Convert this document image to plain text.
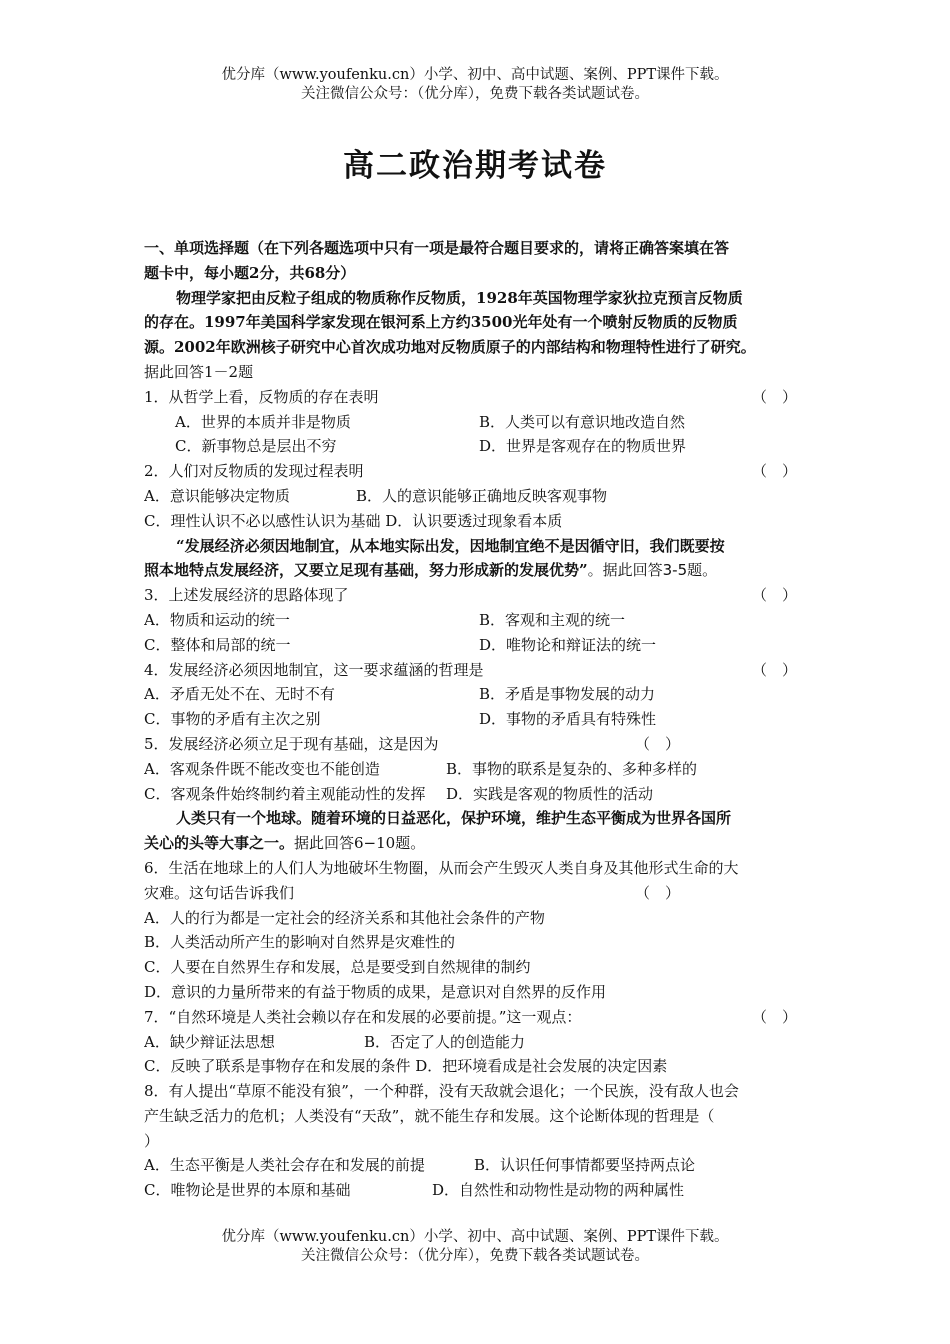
优分库（www.youfenku.cn）小学、初中、高中试题、案例、PPT课件下载。
关注微信公众号：（优分库），免费下载各类试题试卷。
高二政治期考试卷
一、单项选择题（在下列各题选项中只有一项是最符合题目要求的，请将正确答案填在答
题卡中，每小题2分，共68分）
物理学家把由反粒子组成的物质称作反物质，1928年英国物理学家狄拉克预言反物质
的存在。1997年美国科学家发现在银河系上方约3500光年处有一个喷射反物质的反物质
源。2002年欧洲核子研究中心首次成功地对反物质原子的内部结构和物理特性进行了研究。
据此回答1－2题
1．从哲学上看，反物质的存在表明	（　）
A．世界的本质并非是物质	B．人类可以有意识地改造自然
C．新事物总是层出不穷	D．世界是客观存在的物质世界
2．人们对反物质的发现过程表明	（　）
A．意识能够决定物质	B．人的意识能够正确地反映客观事物
C．理性认识不必以感性认识为基础 D．认识要透过现象看本质
“发展经济必须因地制宜，从本地实际出发，因地制宜绝不是因循守旧，我们既要按
照本地特点发展经济，又要立足现有基础，努力形成新的发展优势”。据此回答3-5题。
3．上述发展经济的思路体现了	（　）
A．物质和运动的统一	B．客观和主观的统一
C．整体和局部的统一	D．唯物论和辩证法的统一
4．发展经济必须因地制宜，这一要求蕴涵的哲理是	（　）
A．矛盾无处不在、无时不有	B．矛盾是事物发展的动力
C．事物的矛盾有主次之别	D．事物的矛盾具有特殊性
5．发展经济必须立足于现有基础，这是因为	（　）
A．客观条件既不能改变也不能创造	B．事物的联系是复杂的、多种多样的
C．客观条件始终制约着主观能动性的发挥	D．实践是客观的物质性的活动
人类只有一个地球。随着环境的日益恶化，保护环境，维护生态平衡成为世界各国所
关心的头等大事之一。据此回答6−10题。
6．生活在地球上的人们人为地破坏生物圈，从而会产生毁灭人类自身及其他形式生命的大
灾难。这句话告诉我们	（　）
A．人的行为都是一定社会的经济关系和其他社会条件的产物
B．人类活动所产生的影响对自然界是灾难性的
C．人要在自然界生存和发展，总是要受到自然规律的制约
D．意识的力量所带来的有益于物质的成果，是意识对自然界的反作用
7．“自然环境是人类社会赖以存在和发展的必要前提。”这一观点：	（　）
A．缺少辩证法思想	B．否定了人的创造能力
C．反映了联系是事物存在和发展的条件 D．把环境看成是社会发展的决定因素
8．有人提出“草原不能没有狼”，一个种群，没有天敌就会退化；一个民族，没有敌人也会
产生缺乏活力的危机；人类没有“天敌”，就不能生存和发展。这个论断体现的哲理是（
）
A．生态平衡是人类社会存在和发展的前提	B．认识任何事情都要坚持两点论
C．唯物论是世界的本原和基础	D．自然性和动物性是动物的两种属性
优分库（www.youfenku.cn）小学、初中、高中试题、案例、PPT课件下载。
关注微信公众号：（优分库），免费下载各类试题试卷。
